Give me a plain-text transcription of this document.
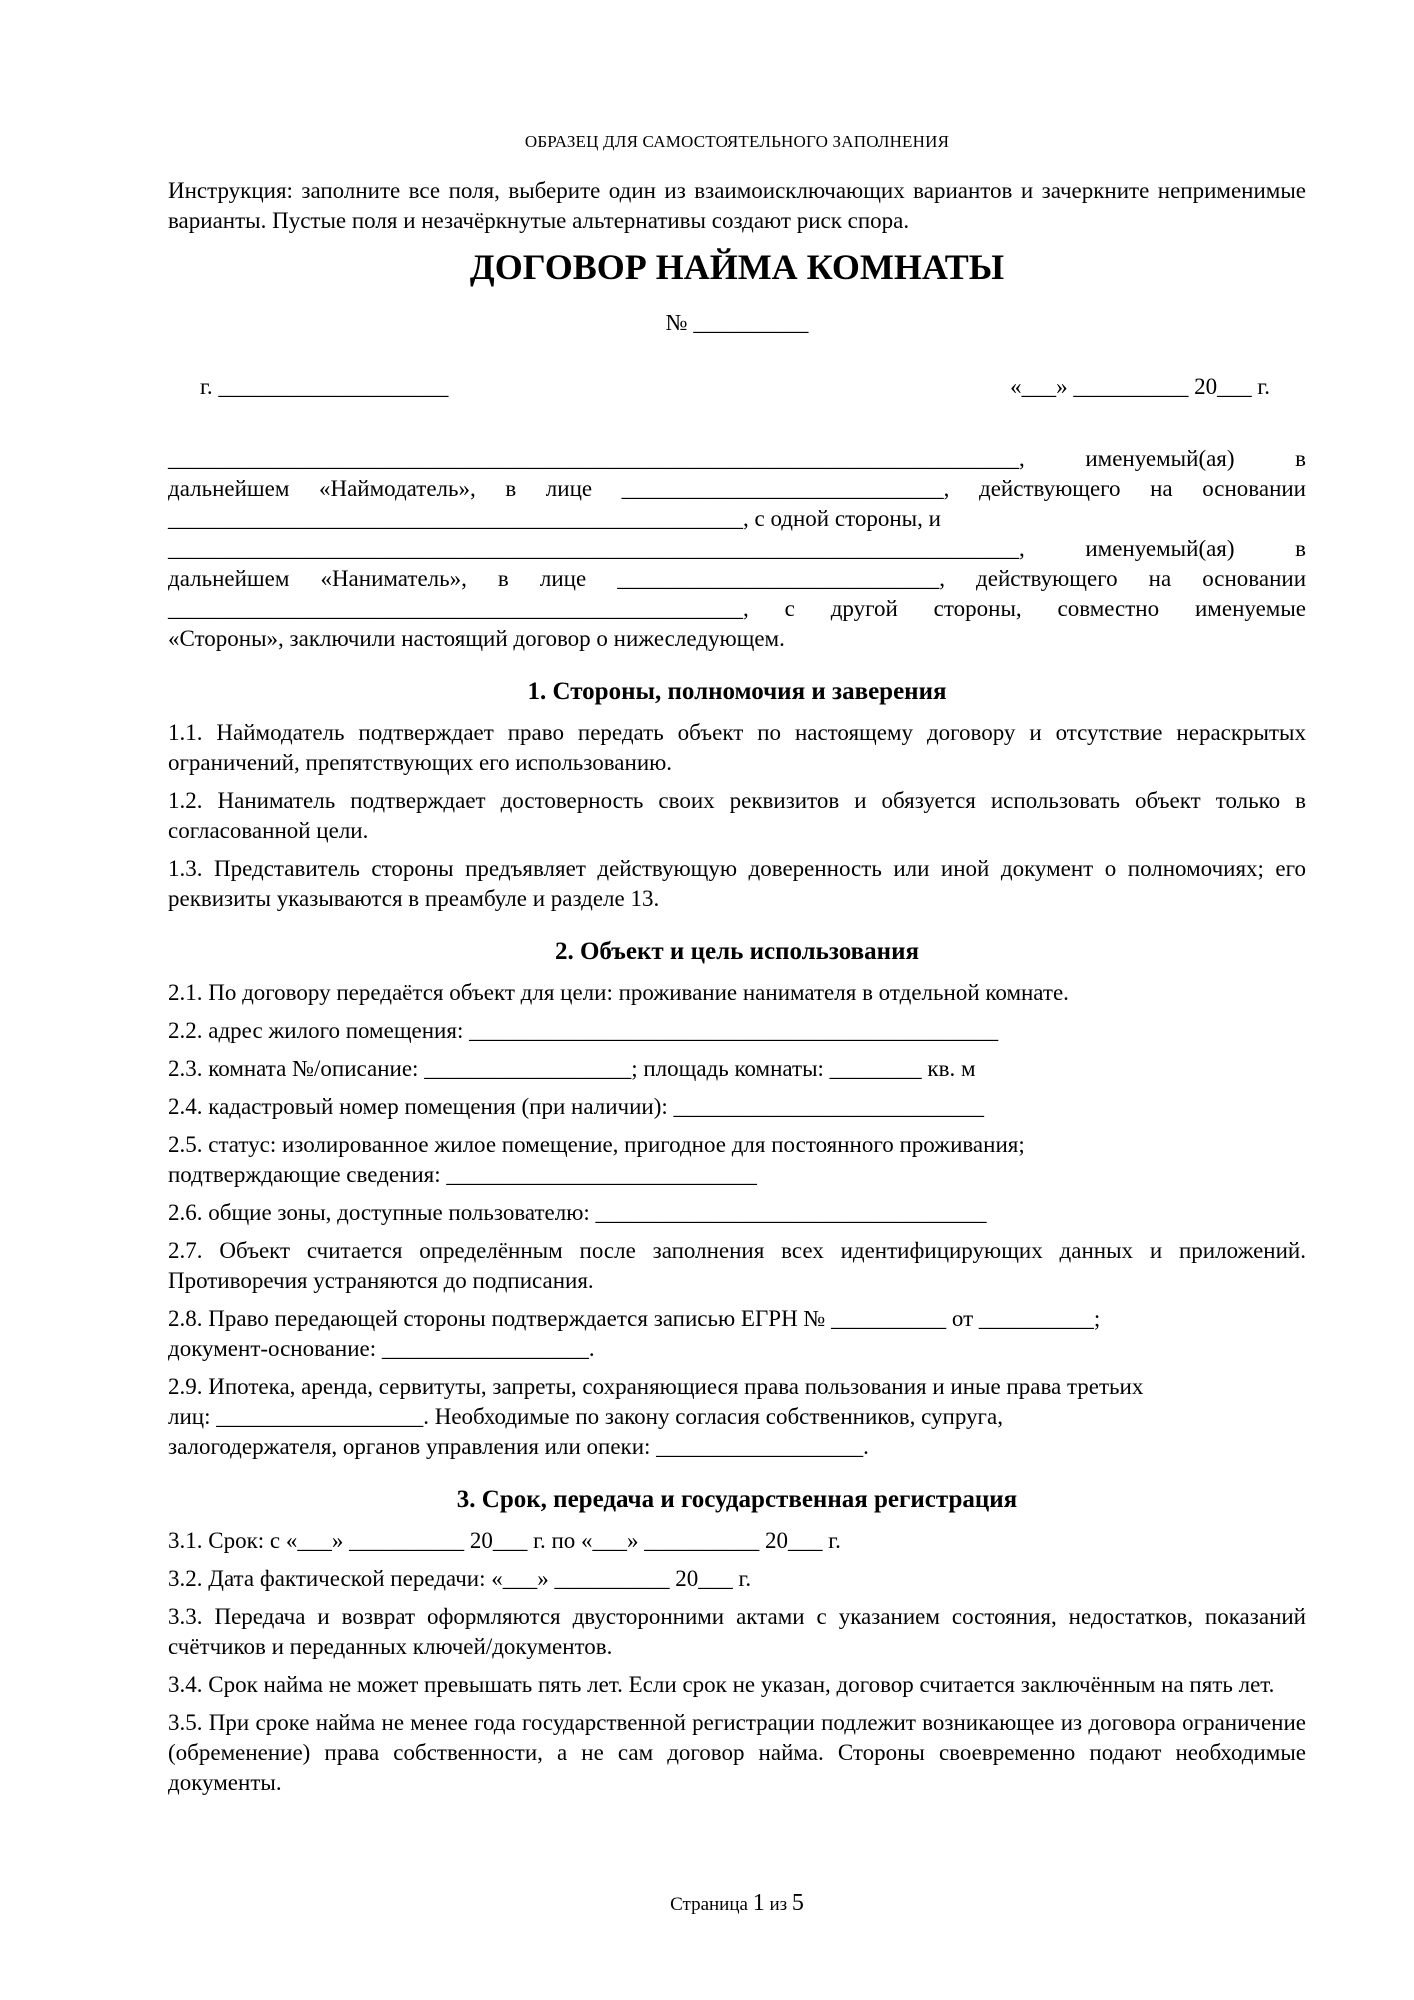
ОБРАЗЕЦ ДЛЯ САМОСТОЯТЕЛЬНОГО ЗАПОЛНЕНИЯ

Инструкция: заполните все поля, выберите один из взаимоисключающих вариантов и зачеркните неприменимые варианты. Пустые поля и незачёркнутые альтернативы создают риск спора.

ДОГОВОР НАЙМА КОМНАТЫ
№ __________
г. ____________________	«___» __________ 20___ г.

__________________________________________________________________________, именуемый(ая) в

дальнейшем «Наймодатель», в лице ____________________________, действующего на основании

__________________________________________________, с одной стороны, и

__________________________________________________________________________, именуемый(ая) в

дальнейшем «Наниматель», в лице ____________________________, действующего на основании

__________________________________________________, с другой стороны, совместно именуемые

«Стороны», заключили настоящий договор о нижеследующем.

1. Стороны, полномочия и заверения

1.1. Наймодатель подтверждает право передать объект по настоящему договору и отсутствие нераскрытых ограничений, препятствующих его использованию.

1.2. Наниматель подтверждает достоверность своих реквизитов и обязуется использовать объект только в согласованной цели.

1.3. Представитель стороны предъявляет действующую доверенность или иной документ о полномочиях; его реквизиты указываются в преамбуле и разделе 13.

2. Объект и цель использования

2.1. По договору передаётся объект для цели: проживание нанимателя в отдельной комнате.

2.2. адрес жилого помещения: ______________________________________________

2.3. комната №/описание: __________________; площадь комнаты: ________ кв. м

2.4. кадастровый номер помещения (при наличии): ___________________________

2.5. статус: изолированное жилое помещение, пригодное для постоянного проживания;

подтверждающие сведения: ___________________________

2.6. общие зоны, доступные пользователю: __________________________________

2.7. Объект считается определённым после заполнения всех идентифицирующих данных и приложений. Противоречия устраняются до подписания.

2.8. Право передающей стороны подтверждается записью ЕГРН № __________ от __________;

документ-основание: __________________.

2.9. Ипотека, аренда, сервитуты, запреты, сохраняющиеся права пользования и иные права третьих

лиц: __________________. Необходимые по закону согласия собственников, супруга,

залогодержателя, органов управления или опеки: __________________.

3. Срок, передача и государственная регистрация

3.1. Срок: с «___» __________ 20___ г. по «___» __________ 20___ г.

3.2. Дата фактической передачи: «___» __________ 20___ г.

3.3. Передача и возврат оформляются двусторонними актами с указанием состояния, недостатков, показаний счётчиков и переданных ключей/документов.

3.4. Срок найма не может превышать пять лет. Если срок не указан, договор считается заключённым на пять лет.

3.5. При сроке найма не менее года государственной регистрации подлежит возникающее из договора ограничение (обременение) права собственности, а не сам договор найма. Стороны своевременно подают необходимые документы.

Страница 1 из 5
